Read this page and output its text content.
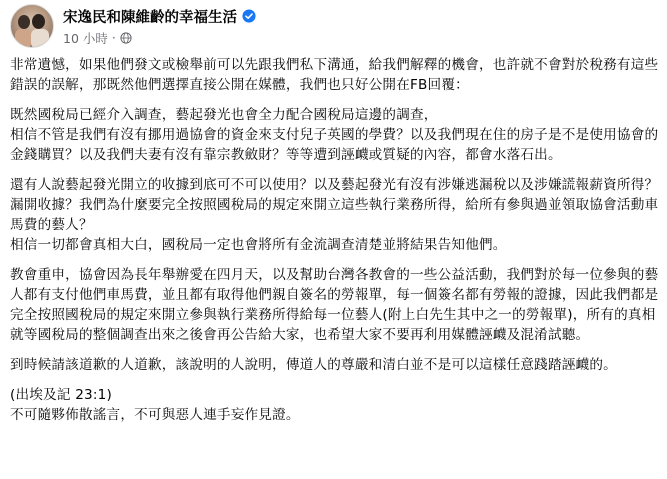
宋逸民和陳維齡的幸福生活
10 小時 ·

非常遺憾，如果他們發文或檢舉前可以先跟我們私下溝通，給我們解釋的機會，也許就不會對於稅務有這些錯誤的誤解，那既然他們選擇直接公開在媒體，我們也只好公開在FB回覆：

既然國稅局已經介入調查，藝起發光也會全力配合國稅局這邊的調查，

相信不管是我們有沒有挪用過協會的資金來支付兒子英國的學費？以及我們現在住的房子是不是使用協會的金錢購買？以及我們夫妻有沒有靠宗教斂財？等等遭到誣衊或質疑的內容，都會水落石出。

還有人說藝起發光開立的收據到底可不可以使用？以及藝起發光有沒有涉嫌逃漏稅以及涉嫌謊報薪資所得？漏開收據？我們為什麼要完全按照國稅局的規定來開立這些執行業務所得，給所有參與過並領取協會活動車馬費的藝人？

相信一切都會真相大白，國稅局一定也會將所有金流調查清楚並將結果告知他們。

教會重申，協會因為長年舉辦愛在四月天，以及幫助台灣各教會的一些公益活動，我們對於每一位參與的藝人都有支付他們車馬費，並且都有取得他們親自簽名的勞報單，每一個簽名都有勞報的證據，因此我們都是完全按照國稅局的規定來開立參與執行業務所得給每一位藝人(附上白先生其中之一的勞報單)，所有的真相就等國稅局的整個調查出來之後會再公告給大家，也希望大家不要再利用媒體誣衊及混淆試聽。

到時候請該道歉的人道歉，該說明的人說明，傳道人的尊嚴和清白並不是可以這樣任意踐踏誣衊的。

(出埃及記 23:1)

不可隨夥佈散謠言，不可與惡人連手妄作見證。
